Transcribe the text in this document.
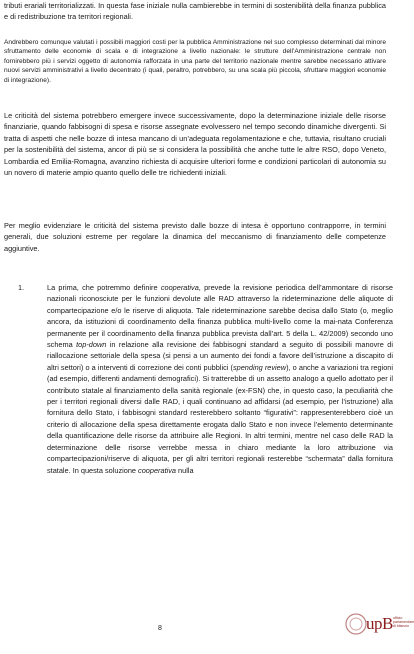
tributi erariali territorializzati. In questa fase iniziale nulla cambierebbe in termini di sostenibilità della finanza pubblica e di redistribuzione tra territori regionali.
Andrebbero comunque valutati i possibili maggiori costi per la pubblica Amministrazione nel suo complesso determinati dal minore sfruttamento delle economie di scala e di integrazione a livello nazionale: le strutture dell’Amministrazione centrale non fornirebbero più i servizi oggetto di autonomia rafforzata in una parte del territorio nazionale mentre sarebbe necessario attivare nuovi servizi amministrativi a livello decentrato (i quali, peraltro, potrebbero, su una scala più piccola, sfruttare maggiori economie di integrazione).
Le criticità del sistema potrebbero emergere invece successivamente, dopo la determinazione iniziale delle risorse finanziarie, quando fabbisogni di spesa e risorse assegnate evolvessero nel tempo secondo dinamiche divergenti. Si tratta di aspetti che nelle bozze di intesa mancano di un’adeguata regolamentazione e che, tuttavia, risultano cruciali per la sostenibilità del sistema, ancor di più se si considera la possibilità che anche tutte le altre RSO, dopo Veneto, Lombardia ed Emilia-Romagna, avanzino richiesta di acquisire ulteriori forme e condizioni particolari di autonomia su un novero di materie ampio quanto quello delle tre richiedenti iniziali.
Per meglio evidenziare le criticità del sistema previsto dalle bozze di intesa è opportuno contrapporre, in termini generali, due soluzioni estreme per regolare la dinamica del meccanismo di finanziamento delle competenze aggiuntive.
1.	La prima, che potremmo definire cooperativa, prevede la revisione periodica dell’ammontare di risorse nazionali riconosciute per le funzioni devolute alle RAD attraverso la rideterminazione delle aliquote di compartecipazione e/o le riserve di aliquota. Tale rideterminazione sarebbe decisa dallo Stato (o, meglio ancora, da istituzioni di coordinamento della finanza pubblica multi-livello come la mai-nata Conferenza permanente per il coordinamento della finanza pubblica prevista dall’art. 5 della L. 42/2009) secondo uno schema top-down in relazione alla revisione dei fabbisogni standard a seguito di possibili manovre di riallocazione settoriale della spesa (si pensi a un aumento dei fondi a favore dell’istruzione a discapito di altri settori) o a interventi di correzione dei conti pubblici (spending review), o anche a variazioni tra regioni (ad esempio, differenti andamenti demografici). Si tratterebbe di un assetto analogo a quello adottato per il contributo statale al finanziamento della sanità regionale (ex-FSN) che, in questo caso, la peculiarità che per i territori regionali diversi dalle RAD, i quali continuano ad affidarsi (ad esempio, per l’istruzione) alla fornitura dello Stato, i fabbisogni standard resterebbero soltanto “figurativi”: rappresenterebbero cioè un criterio di allocazione della spesa direttamente erogata dallo Stato e non invece l’elemento determinante della quantificazione delle risorse da attribuire alle Regioni. In altri termini, mentre nel caso delle RAD la determinazione delle risorse verrebbe messa in chiaro mediante la loro attribuzione via compartecipazioni/riserve di aliquota, per gli altri territori regionali resterebbe “schermata” dalla fornitura statale. In questa soluzione cooperativa nulla
8	upB ufficio parlamentare di bilancio
